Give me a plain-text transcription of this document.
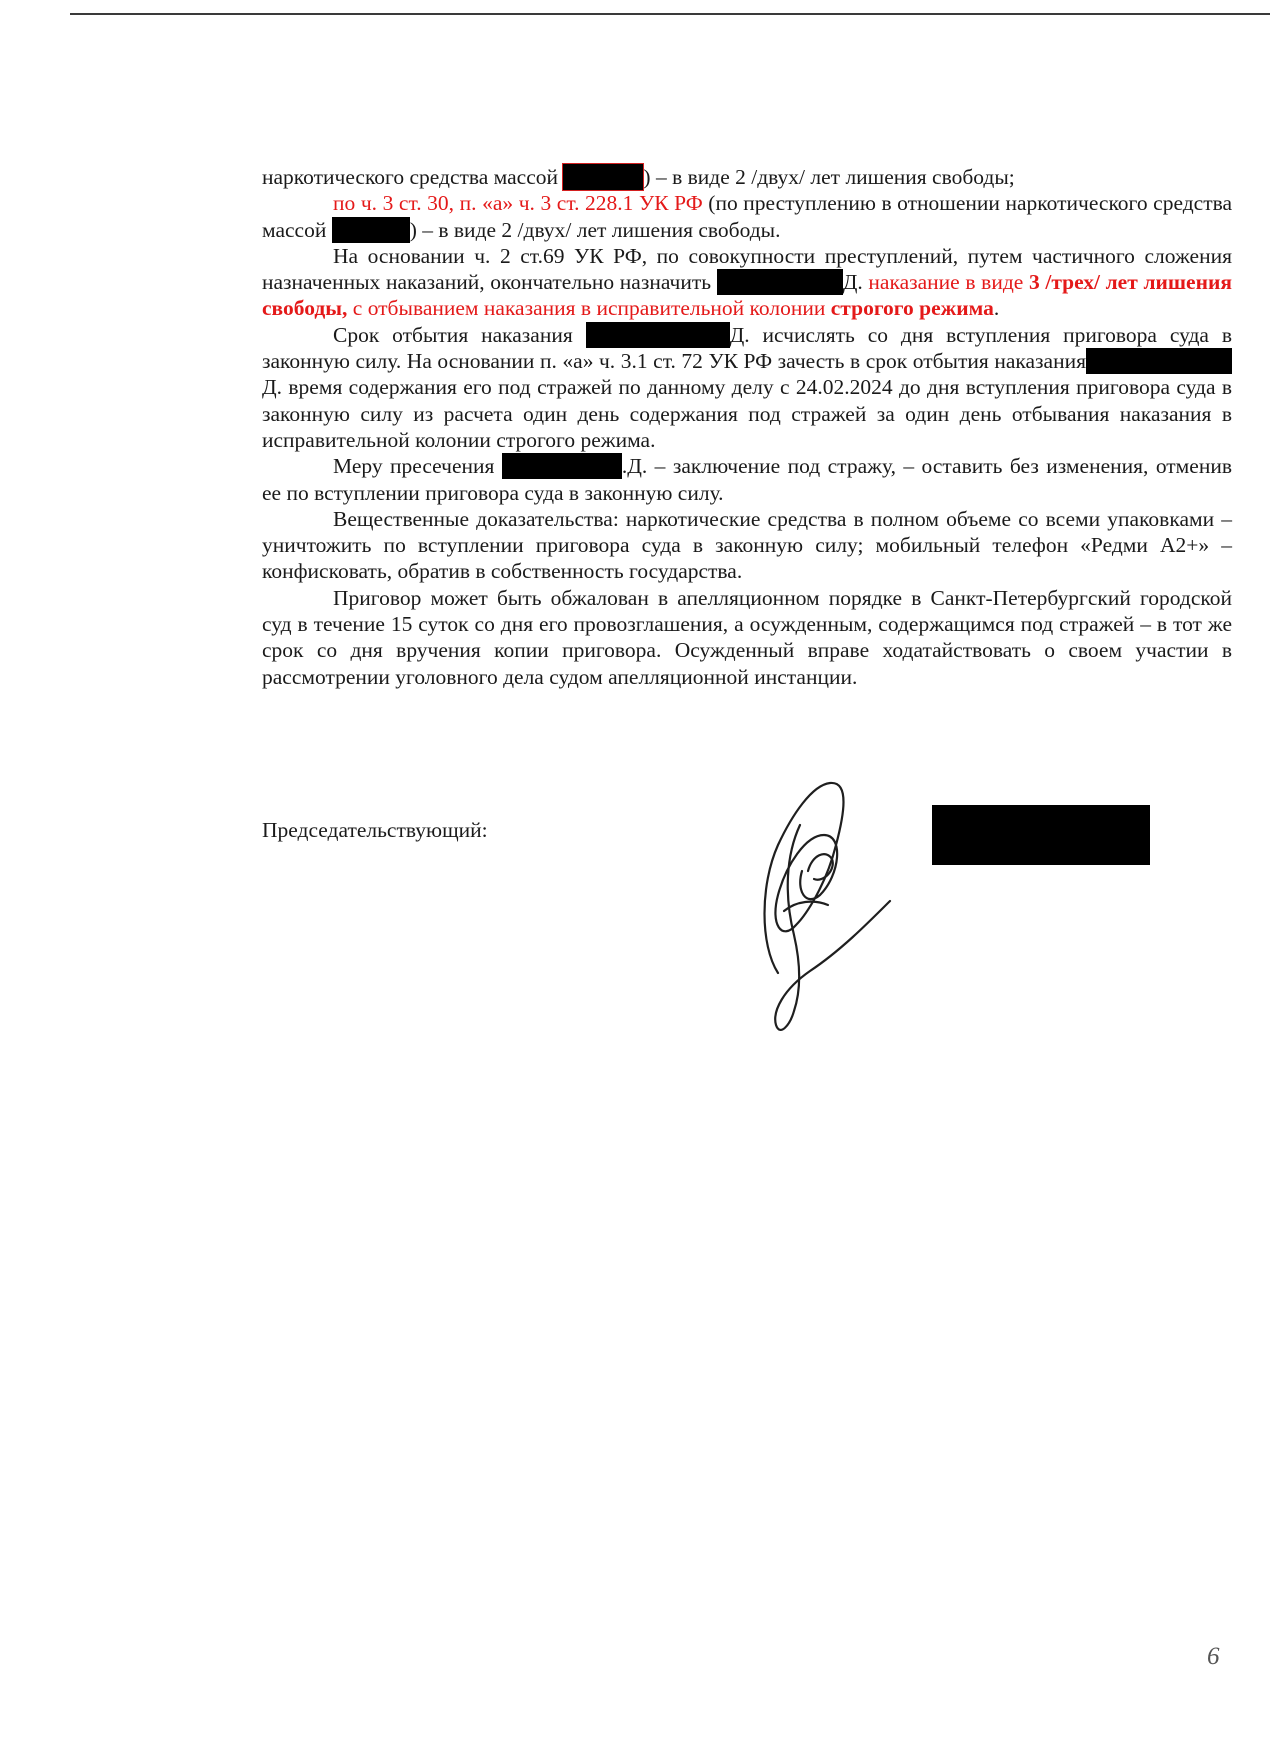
наркотического средства массой	) – в виде 2 /двух/ лет лишения свободы;

по ч. 3 ст. 30, п. «а» ч. 3 ст. 228.1 УК РФ (по преступлению в отношении наркотического средства массой	) – в виде 2 /двух/ лет лишения свободы.

На основании ч. 2 ст.69 УК РФ, по совокупности преступлений, путем частичного сложения назначенных наказаний, окончательно назначить	Д. наказание в виде 3 /трех/ лет лишения свободы, с отбыванием наказания в исправительной колонии строгого режима.

Срок отбытия наказания	Д. исчислять со дня вступления приговора суда в законную силу. На основании п. «а» ч. 3.1 ст. 72 УК РФ зачесть в срок отбытия наказанияД. время содержания его под стражей по данному делу с 24.02.2024 до дня вступления приговора суда в законную силу из расчета один день содержания под стражей за один день отбывания наказания в исправительной колонии строгого режима.

Меру пресечения	.Д. – заключение под стражу, – оставить без изменения, отменив ее по вступлении приговора суда в законную силу.

Вещественные доказательства: наркотические средства в полном объеме со всеми упаковками – уничтожить по вступлении приговора суда в законную силу; мобильный телефон «Редми А2+» – конфисковать, обратив в собственность государства.

Приговор может быть обжалован в апелляционном порядке в Санкт-Петербургский городской суд в течение 15 суток со дня его провозглашения, а осужденным, содержащимся под стражей – в тот же срок со дня вручения копии приговора. Осужденный вправе ходатайствовать о своем участии в рассмотрении уголовного дела судом апелляционной инстанции.

Председательствующий:
6
